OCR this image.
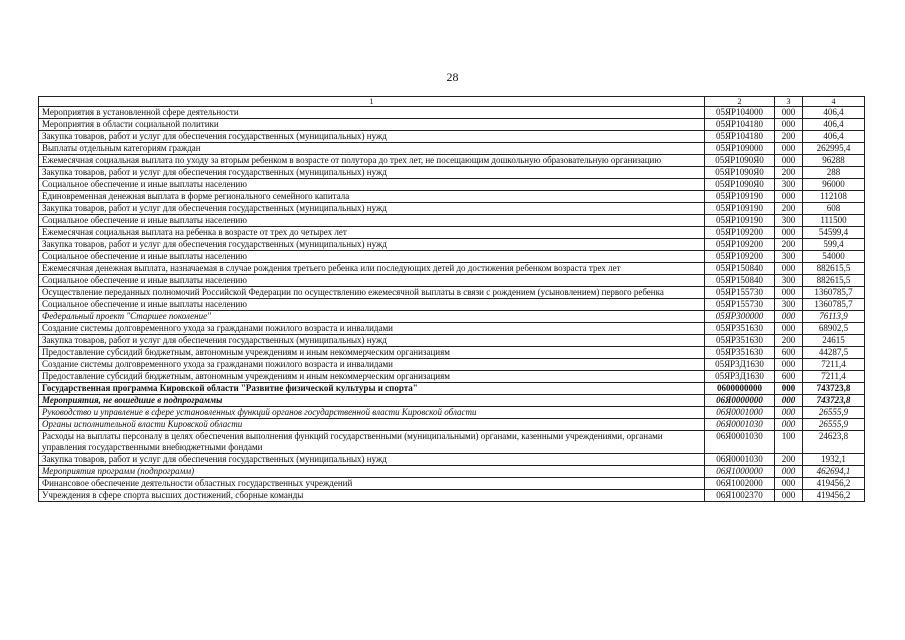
28
1	2	3	4
Мероприятия в установленной сфере деятельности	05ЯР104000	000	406,4
Мероприятия в области социальной политики	05ЯР104180	000	406,4
Закупка товаров, работ и услуг для обеспечения государственных (муниципальных) нужд	05ЯР104180	200	406,4
Выплаты отдельным категориям граждан	05ЯР109000	000	262995,4
Ежемесячная социальная выплата по уходу за вторым ребенком в возрасте от полутора до трех лет, не посещающим дошкольную образовательную организацию	05ЯР1090Я0	000	96288
Закупка товаров, работ и услуг для обеспечения государственных (муниципальных) нужд	05ЯР1090Я0	200	288
Социальное обеспечение и иные выплаты населению	05ЯР1090Я0	300	96000
Единовременная денежная выплата в форме регионального семейного капитала	05ЯР109190	000	112108
Закупка товаров, работ и услуг для обеспечения государственных (муниципальных) нужд	05ЯР109190	200	608
Социальное обеспечение и иные выплаты населению	05ЯР109190	300	111500
Ежемесячная социальная выплата на ребенка в возрасте от трех до четырех лет	05ЯР109200	000	54599,4
Закупка товаров, работ и услуг для обеспечения государственных (муниципальных) нужд	05ЯР109200	200	599,4
Социальное обеспечение и иные выплаты населению	05ЯР109200	300	54000
Ежемесячная денежная выплата, назначаемая в случае рождения третьего ребенка или последующих детей до достижения ребенком возраста трех лет	05ЯР150840	000	882615,5
Социальное обеспечение и иные выплаты населению	05ЯР150840	300	882615,5
Осуществление переданных полномочий Российской Федерации по осуществлению ежемесячной выплаты в связи с рождением (усыновлением) первого ребенка	05ЯР155730	000	1360785,7
Социальное обеспечение и иные выплаты населению	05ЯР155730	300	1360785,7
Федеральный проект "Старшее поколение"	05ЯР300000	000	76113,9
Создание системы долговременного ухода за гражданами пожилого возраста и инвалидами	05ЯР351630	000	68902,5
Закупка товаров, работ и услуг для обеспечения государственных (муниципальных) нужд	05ЯР351630	200	24615
Предоставление субсидий бюджетным, автономным учреждениям и иным некоммерческим организациям	05ЯР351630	600	44287,5
Создание системы долговременного ухода за гражданами пожилого возраста и инвалидами	05ЯР3Д1630	000	7211,4
Предоставление субсидий бюджетным, автономным учреждениям и иным некоммерческим организациям	05ЯР3Д1630	600	7211,4
Государственная программа Кировской области "Развитие физической культуры и спорта"	0600000000	000	743723,8
Мероприятия, не вошедшие в подпрограммы	06Я0000000	000	743723,8
Руководство и управление в сфере установленных функций органов государственной власти Кировской области	06Я0001000	000	26555,9
Органы исполнительной власти Кировской области	06Я0001030	000	26555,9
Расходы на выплаты персоналу в целях обеспечения выполнения функций государственными (муниципальными) органами, казенными учреждениями, органами управления государственными внебюджетными фондами	06Я0001030	100	24623,8
Закупка товаров, работ и услуг для обеспечения государственных (муниципальных) нужд	06Я0001030	200	1932,1
Мероприятия программ (подпрограмм)	06Я1000000	000	462694,1
Финансовое обеспечение деятельности областных государственных учреждений	06Я1002000	000	419456,2
Учреждения в сфере спорта высших достижений, сборные команды	06Я1002370	000	419456,2
